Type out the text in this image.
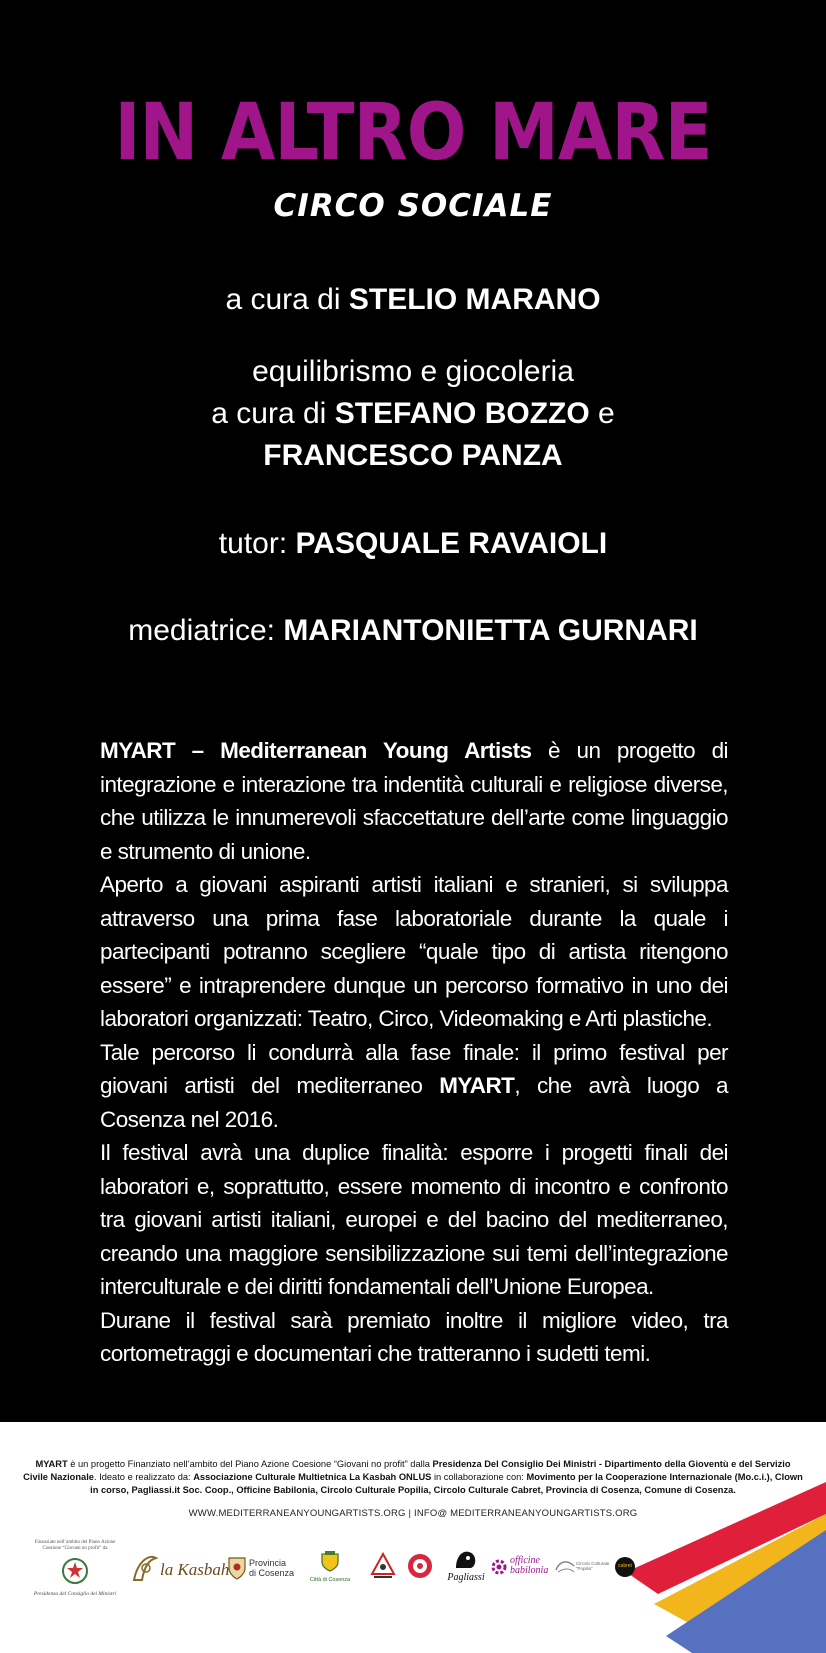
IN ALTRO MARE
CIRCO SOCIALE
a cura di STELIO MARANO
equilibrismo e giocoleria
a cura di STEFANO BOZZO e
FRANCESCO PANZA
tutor: PASQUALE RAVAIOLI
mediatrice: MARIANTONIETTA GURNARI

MYART – Mediterranean Young Artists è un progetto di integrazione e interazione tra indentità culturali e religiose diverse, che utilizza le innumerevoli sfaccettature dell’arte come linguaggio e strumento di unione.

Aperto a giovani aspiranti artisti italiani e stranieri, si sviluppa attraverso una prima fase laboratoriale durante la quale i partecipanti potranno scegliere “quale tipo di artista ritengono essere” e intraprendere dunque un percorso formativo in uno dei laboratori organizzati: Teatro, Circo, Videomaking e Arti plastiche.

Tale percorso li condurrà alla fase finale: il primo festival per giovani artisti del mediterraneo MYART, che avrà luogo a Cosenza nel 2016.

Il festival avrà una duplice finalità: esporre i progetti finali dei laboratori e, soprattutto, essere momento di incontro e confronto tra giovani artisti italiani, europei e del bacino del mediterraneo, creando una maggiore sensibilizzazione sui temi dell’integrazione interculturale e dei diritti fondamentali dell’Unione Europea.

Durane il festival sarà premiato inoltre il migliore video, tra cortometraggi e documentari che tratteranno i sudetti temi.

MYART è un progetto Finanziato nell’ambito del Piano Azione Coesione “Giovani no profit” dalla Presidenza Del Consiglio Dei Ministri - Dipartimento della Gioventù e del Servizio Civile Nazionale. Ideato e realizzato da: Associazione Culturale Multietnica La Kasbah ONLUS in collaborazione con: Movimento per la Cooperazione Internazionale (Mo.c.i.), Clown in corso, Pagliassi.it Soc. Coop., Officine Babilonia, Circolo Culturale Popilia, Circolo Culturale Cabret, Provincia di Cosenza, Comune di Cosenza.
WWW.MEDITERRANEANYOUNGARTISTS.ORG | INFO@ MEDITERRANEANYOUNGARTISTS.ORG
Finanziato nell’ambito del Piano Azione Coesione “Giovani no profit” da
Presidenza del Consiglio dei Ministri
la Kasbah Provincia
di Cosenza
Città di Cosenza	Pagliassi
officine
babilonia
Circolo Culturale “Popilia”	cabret
